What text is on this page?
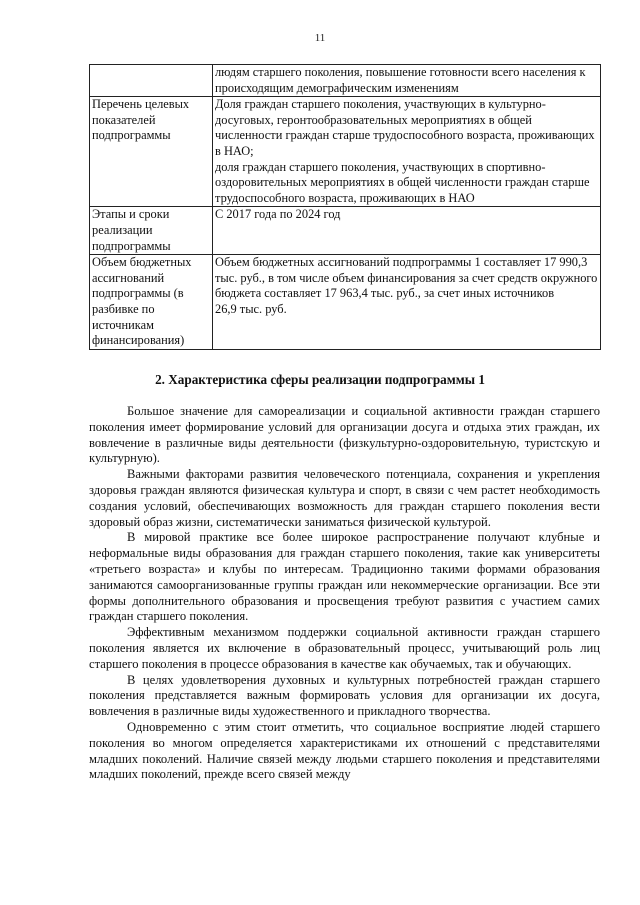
11

	людям старшего поколения, повышение готовности всего населения к происходящим демографическим изменениям

Перечень целевых показателей подпрограммы	Доля граждан старшего поколения, участвующих в культурно-досуговых, геронтообразовательных мероприятиях в общей численности граждан старше трудоспособного возраста, проживающих в НАО;
доля граждан старшего поколения, участвующих в спортивно-оздоровительных мероприятиях в общей численности граждан старше трудоспособного возраста, проживающих в НАО

Этапы и сроки реализации подпрограммы	С 2017 года по 2024 год

Объем бюджетных ассигнований подпрограммы (в разбивке по источникам финансирования)	Объем бюджетных ассигнований подпрограммы 1 составляет 17 990,3 тыс. руб., в том числе объем финансирования за счет средств окружного бюджета составляет 17 963,4 тыс. руб., за счет иных источников
26,9 тыс. руб.
2. Характеристика сферы реализации подпрограммы 1

Большое значение для самореализации и социальной активности граждан старшего поколения имеет формирование условий для организации досуга и отдыха этих граждан, их вовлечение в различные виды деятельности (физкультурно-оздоровительную, туристскую и культурную).

Важными факторами развития человеческого потенциала, сохранения и укрепления здоровья граждан являются физическая культура и спорт, в связи с чем растет необходимость создания условий, обеспечивающих возможность для граждан старшего поколения вести здоровый образ жизни, систематически заниматься физической культурой.

В мировой практике все более широкое распространение получают клубные и неформальные виды образования для граждан старшего поколения, такие как университеты «третьего возраста» и клубы по интересам. Традиционно такими формами образования занимаются самоорганизованные группы граждан или некоммерческие организации. Все эти формы дополнительного образования и просвещения требуют развития с участием самих граждан старшего поколения.

Эффективным механизмом поддержки социальной активности граждан старшего поколения является их включение в образовательный процесс, учитывающий роль лиц старшего поколения в процессе образования в качестве как обучаемых, так и обучающих.

В целях удовлетворения духовных и культурных потребностей граждан старшего поколения представляется важным формировать условия для организации их досуга, вовлечения в различные виды художественного и прикладного творчества.

Одновременно с этим стоит отметить, что социальное восприятие людей старшего поколения во многом определяется характеристиками их отношений с представителями младших поколений. Наличие связей между людьми старшего поколения и представителями младших поколений, прежде всего связей между
